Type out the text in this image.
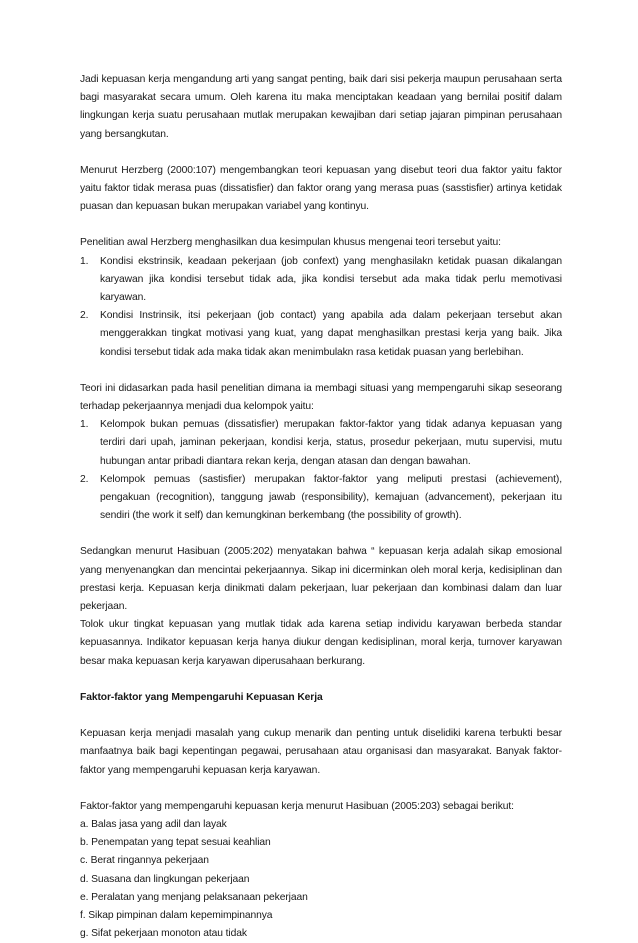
Jadi kepuasan kerja mengandung arti yang sangat penting, baik dari sisi pekerja maupun perusahaan serta bagi masyarakat secara umum. Oleh karena itu maka menciptakan keadaan yang bernilai positif dalam lingkungan kerja suatu perusahaan mutlak merupakan kewajiban dari setiap jajaran pimpinan perusahaan yang bersangkutan.

Menurut Herzberg (2000:107) mengembangkan teori kepuasan yang disebut teori dua faktor yaitu faktor yaitu faktor tidak merasa puas (dissatisfier) dan faktor orang yang merasa puas (sasstisfier) artinya ketidak puasan dan kepuasan bukan merupakan variabel yang kontinyu.

Penelitian awal Herzberg menghasilkan dua kesimpulan khusus mengenai teori tersebut yaitu:

1. Kondisi ekstrinsik, keadaan pekerjaan (job confext) yang menghasilakn ketidak puasan dikalangan karyawan jika kondisi tersebut tidak ada, jika kondisi tersebut ada maka tidak perlu memotivasi karyawan.
2. Kondisi Instrinsik, itsi pekerjaan (job contact) yang apabila ada dalam pekerjaan tersebut akan menggerakkan tingkat motivasi yang kuat, yang dapat menghasilkan prestasi kerja yang baik. Jika kondisi tersebut tidak ada maka tidak akan menimbulakn rasa ketidak puasan yang berlebihan.

Teori ini didasarkan pada hasil penelitian dimana ia membagi situasi yang mempengaruhi sikap seseorang terhadap pekerjaannya menjadi dua kelompok yaitu:

1. Kelompok bukan pemuas (dissatisfier) merupakan faktor-faktor yang tidak adanya kepuasan yang terdiri dari upah, jaminan pekerjaan, kondisi kerja, status, prosedur pekerjaan, mutu supervisi, mutu hubungan antar pribadi diantara rekan kerja, dengan atasan dan dengan bawahan.
2. Kelompok pemuas (sastisfier) merupakan faktor-faktor yang meliputi prestasi (achievement), pengakuan (recognition), tanggung jawab (responsibility), kemajuan (advancement), pekerjaan itu sendiri (the work it self) dan kemungkinan berkembang (the possibility of growth).

Sedangkan menurut Hasibuan (2005:202) menyatakan bahwa “ kepuasan kerja adalah sikap emosional yang menyenangkan dan mencintai pekerjaannya. Sikap ini dicerminkan oleh moral kerja, kedisiplinan dan prestasi kerja. Kepuasan kerja dinikmati dalam pekerjaan, luar pekerjaan dan kombinasi dalam dan luar pekerjaan.

Tolok ukur tingkat kepuasan yang mutlak tidak ada karena setiap individu karyawan berbeda standar kepuasannya. Indikator kepuasan kerja hanya diukur dengan kedisiplinan, moral kerja, turnover karyawan besar maka kepuasan kerja karyawan diperusahaan berkurang.

Faktor-faktor yang Mempengaruhi Kepuasan Kerja

Kepuasan kerja menjadi masalah yang cukup menarik dan penting untuk diselidiki karena terbukti besar manfaatnya baik bagi kepentingan pegawai, perusahaan atau organisasi dan masyarakat. Banyak faktor-faktor yang mempengaruhi kepuasan kerja karyawan.

Faktor-faktor yang mempengaruhi kepuasan kerja menurut Hasibuan (2005:203) sebagai berikut:

a. Balas jasa yang adil dan layak

b. Penempatan yang tepat sesuai keahlian

c. Berat ringannya pekerjaan

d. Suasana dan lingkungan pekerjaan

e. Peralatan yang menjang pelaksanaan pekerjaan

f. Sikap pimpinan dalam kepemimpinannya

g. Sifat pekerjaan monoton atau tidak
